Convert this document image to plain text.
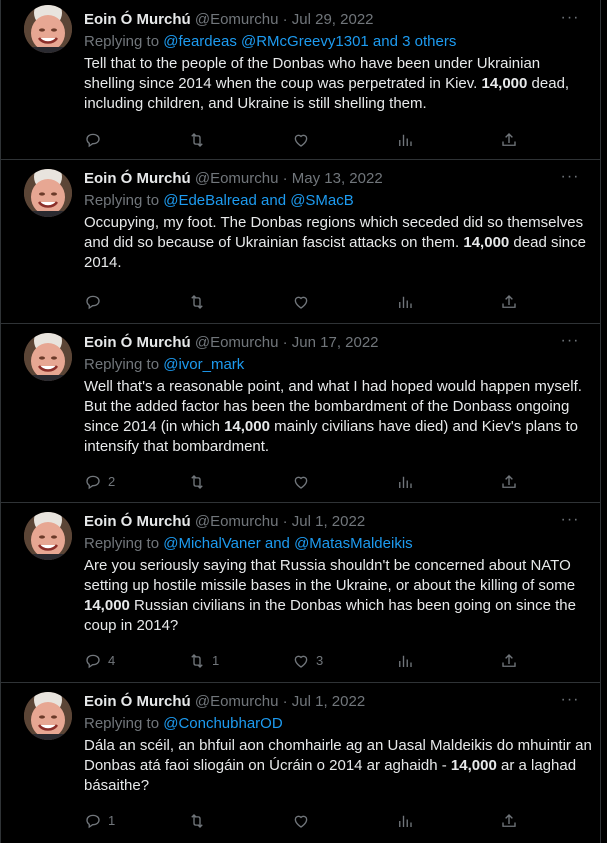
Eoin Ó Murchú @Eomurchu · Jul 29, 2022	···
Replying to @feardeas @RMcGreevy1301 and 3 others
Tell that to the people of the Donbas who have been under Ukrainian shelling since 2014 when the coup was perpetrated in Kiev. 14,000 dead, including children, and Ukraine is still shelling them.
Eoin Ó Murchú @Eomurchu · May 13, 2022	···
Replying to @EdeBalread and @SMacB
Occupying, my foot. The Donbas regions which seceded did so themselves and did so because of Ukrainian fascist attacks on them. 14,000 dead since 2014.
Eoin Ó Murchú @Eomurchu · Jun 17, 2022	···
Replying to @ivor_mark
Well that's a reasonable point, and what I had hoped would happen myself. But the added factor has been the bombardment of the Donbass ongoing since 2014 (in which 14,000 mainly civilians have died) and Kiev's plans to intensify that bombardment.
2
Eoin Ó Murchú @Eomurchu · Jul 1, 2022	···
Replying to @MichalVaner and @MatasMaldeikis
Are you seriously saying that Russia shouldn't be concerned about NATO setting up hostile missile bases in the Ukraine, or about the killing of some 14,000 Russian civilians in the Donbas which has been going on since the coup in 2014?
4	1	3
Eoin Ó Murchú @Eomurchu · Jul 1, 2022	···
Replying to @ConchubharOD
Dála an scéil, an bhfuil aon chomhairle ag an Uasal Maldeikis do mhuintir an Donbas atá faoi sliogáin on Úcráin o 2014 ar aghaidh - 14,000 ar a laghad básaithe?
1
